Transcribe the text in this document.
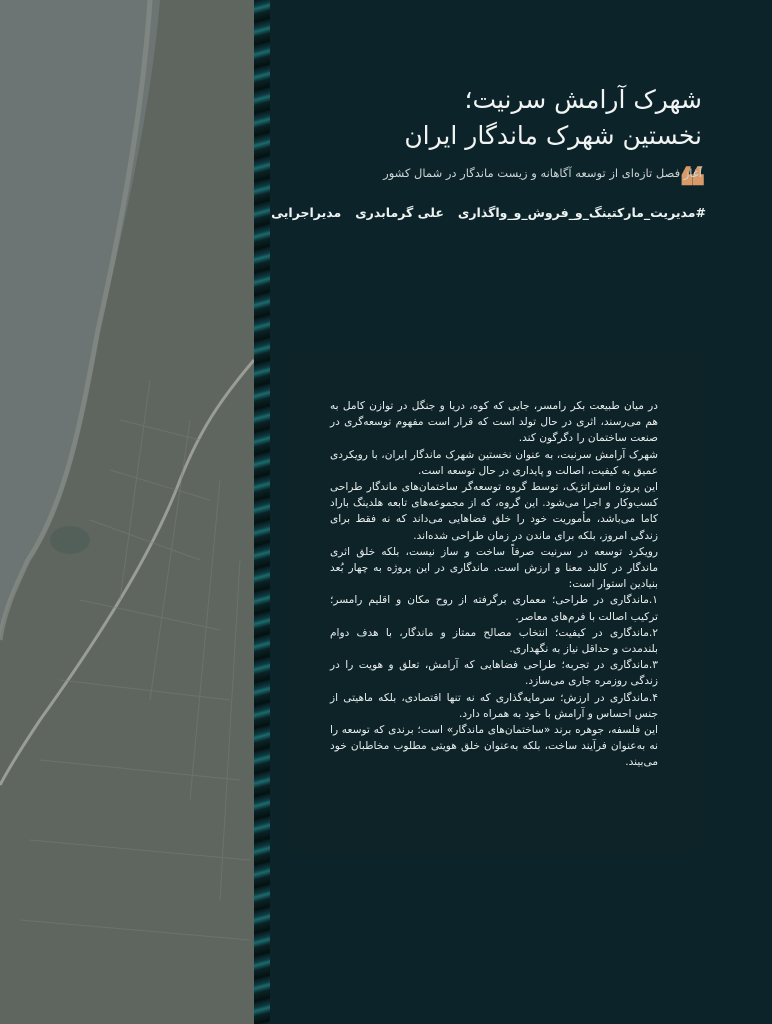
❝
شهرک آرامش سرنیت؛
نخستین شهرک ماندگار ایران
آغاز فصل تازه‌ای از توسعه آگاهانه و زیست ماندگار در شمال کشور
#مدیریت_مارکتینگ_و_فروش_و_واگذاری
علی گرمابدری
مدیراجرایی

در میان طبیعت بکر رامسر، جایی که کوه، دریا و جنگل در توازن کامل به هم می‌رسند، اثری در حال تولد است که قرار است مفهوم توسعه‌گری در صنعت ساختمان را دگرگون کند.

شهرک آرامش سرنیت، به عنوان نخستین شهرک ماندگار ایران، با رویکردی عمیق به کیفیت، اصالت و پایداری در حال توسعه است.

این پروژه استراتژیک، توسط گروه توسعه‌گر ساختمان‌های ماندگار طراحی کسب‌وکار و اجرا می‌شود. این گروه، که از مجموعه‌های تابعه هلدینگ باراد کاما می‌باشد، مأموریت خود را خلق فضاهایی می‌داند که نه فقط برای زندگی امروز، بلکه برای ماندن در زمان طراحی شده‌اند.

رویکرد توسعه در سرنیت صرفاً ساخت و ساز نیست، بلکه خلق اثری ماندگار در کالبد معنا و ارزش است. ماندگاری در این پروژه به چهار بُعد بنیادین استوار است:

۱.ماندگاری در طراحی؛ معماری برگرفته از روح مکان و اقلیم رامسر؛ ترکیب اصالت با فرم‌های معاصر.

۲.ماندگاری در کیفیت؛ انتخاب مصالح ممتاز و ماندگار، با هدف دوام بلندمدت و حداقل نیاز به نگهداری.

۳.ماندگاری در تجربه؛ طراحی فضاهایی که آرامش، تعلق و هویت را در زندگی روزمره جاری می‌سازد.

۴.ماندگاری در ارزش؛ سرمایه‌گذاری که نه تنها اقتصادی، بلکه ماهیتی از جنس احساس و آرامش با خود به همراه دارد.

این فلسفه، جوهره برند «ساختمان‌های ماندگار» است؛ برندی که توسعه را نه به‌عنوان فرآیند ساخت، بلکه به‌عنوان خلق هویتی مطلوب مخاطبان خود می‌بیند.
